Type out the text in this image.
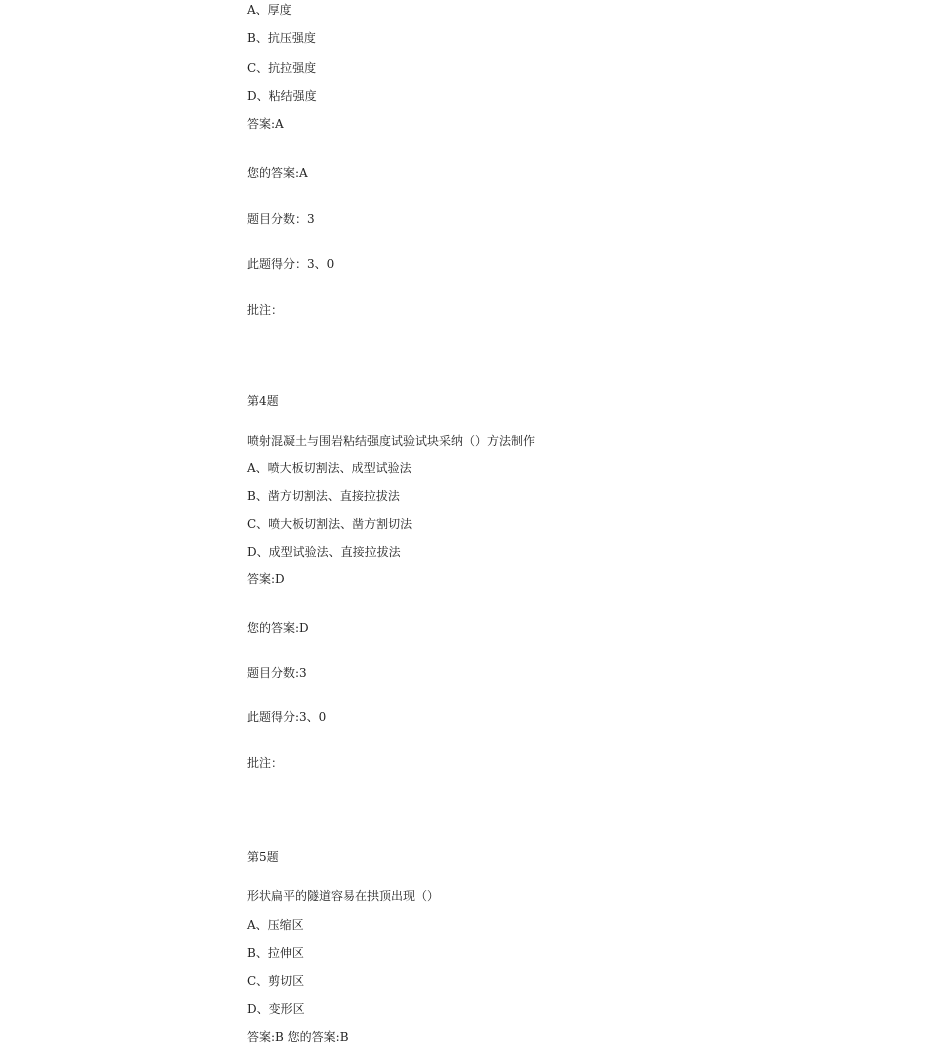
A、厚度
B、抗压强度
C、抗拉强度
D、粘结强度
答案:A
您的答案:A
题目分数：3
此题得分：3、0
批注：
第4题
喷射混凝土与围岩粘结强度试验试块采纳（）方法制作
A、喷大板切割法、成型试验法
B、凿方切割法、直接拉拔法
C、喷大板切割法、凿方割切法
D、成型试验法、直接拉拔法
答案:D
您的答案:D
题目分数:3
此题得分:3、0
批注：
第5题
形状扁平的隧道容易在拱顶出现（）
A、压缩区
B、拉伸区
C、剪切区
D、变形区
答案:B 您的答案:B
